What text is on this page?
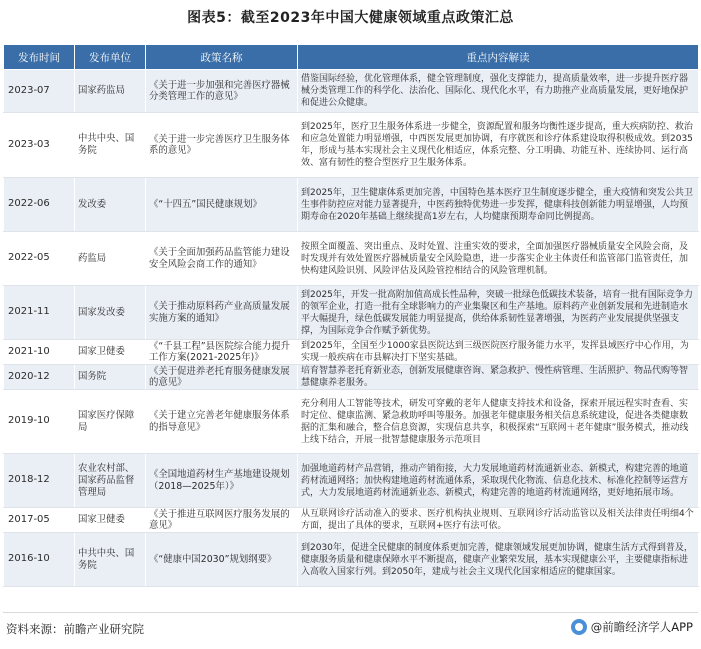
图表5：截至2023年中国大健康领域重点政策汇总
发布时间	发布单位	政策名称	重点内容解读
2023-07	国家药监局	《关于进一步加强和完善医疗器械分类管理工作的意见》	借鉴国际经验，优化管理体系，健全管理制度，强化支撑能力，提高质量效率，进一步提升医疗器械分类管理工作的科学化、法治化、国际化、现代化水平，有力助推产业高质量发展，更好地保护和促进公众健康。
2023-03	中共中央、国务院	《关于进一步完善医疗卫生服务体系的意见》	到2025年，医疗卫生服务体系进一步健全，资源配置和服务均衡性逐步提高，重大疾病防控、救治和应急处置能力明显增强，中西医发展更加协调，有序就医和诊疗体系建设取得积极成效。到2035年，形成与基本实现社会主义现代化相适应，体系完整、分工明确、功能互补、连续协同、运行高效、富有韧性的整合型医疗卫生服务体系。
2022-06	发改委	《“十四五”国民健康规划》	到2025年，卫生健康体系更加完善，中国特色基本医疗卫生制度逐步健全，重大疫情和突发公共卫生事件防控应对能力显著提升，中医药独特优势进一步发挥，健康科技创新能力明显增强，人均预期寿命在2020年基础上继续提高1岁左右，人均健康预期寿命同比例提高。
2022-05	药监局	《关于全面加强药品监管能力建设安全风险会商工作的通知》	按照全面覆盖、突出重点、及时处置、注重实效的要求，全面加强医疗器械质量安全风险会商，及时发现并有效处置医疗器械质量安全风险隐患，进一步落实企业主体责任和监管部门监管责任，加快构建风险识别、风险评估及风险管控相结合的风险管理机制。
2021-11	国家发改委	《关于推动原料药产业高质量发展实施方案的通知》	到2025年，开发一批高附加值高成长性品种，突破一批绿色低碳技术装备，培育一批有国际竞争力的领军企业，打造一批有全球影响力的产业集聚区和生产基地。原料药产业创新发展和先进制造水平大幅提升，绿色低碳发展能力明显提高，供给体系韧性显著增强，为医药产业发展提供坚强支撑，为国际竞争合作赋予新优势。
2021-10	国家卫健委	《“千县工程”县医院综合能力提升工作方案(2021-2025年)》	到2025年，全国至少1000家县医院达到三级医院医疗服务能力水平，发挥县域医疗中心作用，为实现一般疾病在市县解决打下坚实基础。
2020-12	国务院	《关于促进养老托育服务健康发展的意见》	培育智慧养老托育新业态，创新发展健康咨询、紧急救护、慢性病管理、生活照护、物品代购等智慧健康养老服务。
2019-10	国家医疗保障局	《关于建立完善老年健康服务体系的指导意见》	充分利用人工智能等技术，研发可穿戴的老年人健康支持技术和设备，探索开展远程实时查看、实时定位、健康监测、紧急救助呼叫等服务。加强老年健康服务相关信息系统建设，促进各类健康数据的汇集和融合，整合信息资源，实现信息共享，积极探索“互联网＋老年健康”服务模式，推动线上线下结合，开展一批智慧健康服务示范项目
2018-12	农业农村部、国家药品监督管理局	《全国地道药材生产基地建设规划（2018—2025年）》	加强地道药材产品营销，推动产销衔接，大力发展地道药材流通新业态、新模式，构建完善的地道药材流通网络；加快构建地道药材流通体系，采取现代化物流、信息化技术、标准化控制等运营方式，大力发展地道药材流通新业态、新模式，构建完善的地道药材流通网络，更好地拓展市场。
2017-05	国家卫健委	《关于推进互联网医疗服务发展的意见》	从互联网诊疗活动准入的要求、医疗机构执业规则、互联网诊疗活动监管以及相关法律责任明细4个方面，提出了具体的要求，互联网+医疗有法可依。
2016-10	中共中央、国务院	《“健康中国2030”规划纲要》	到2030年，促进全民健康的制度体系更加完善，健康领域发展更加协调，健康生活方式得到普及，健康服务质量和健康保障水平不断提高，健康产业繁荣发展，基本实现健康公平，主要健康指标进入高收入国家行列。到2050年，建成与社会主义现代化国家相适应的健康国家。
资料来源：前瞻产业研究院	@前瞻经济学人APP
